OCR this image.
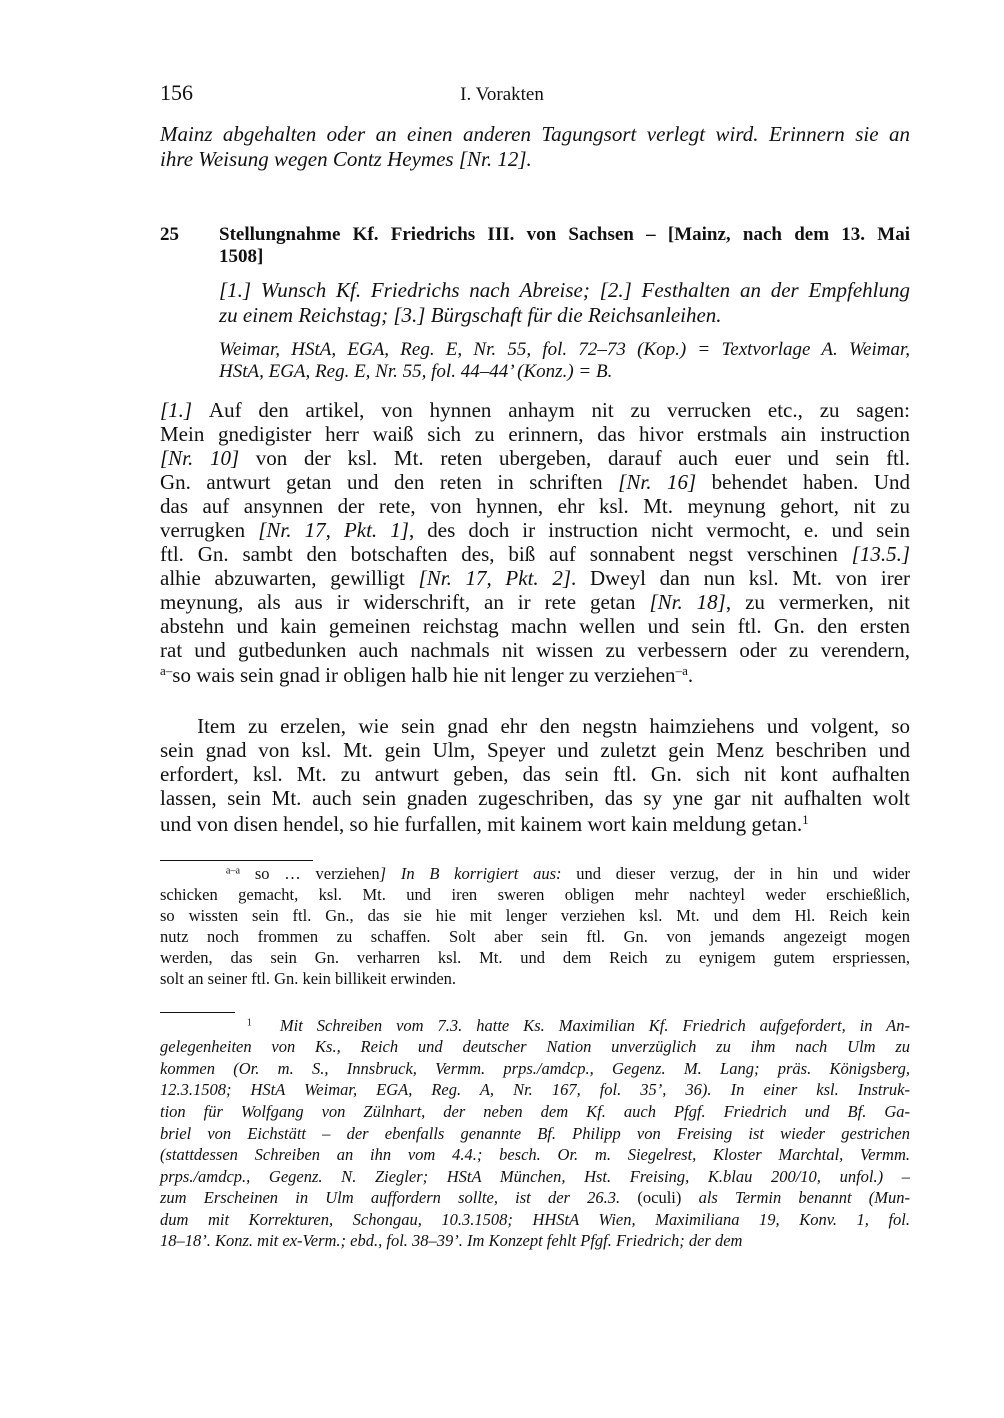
156	I. Vorakten
25
Mainz abgehalten oder an einen anderen Tagungsort verlegt wird. Erinnern sie an
ihre Weisung wegen Contz Heymes [Nr. 12].
Stellungnahme Kf. Friedrichs III. von Sachsen – [Mainz, nach dem 13. Mai
1508]
[1.] Wunsch Kf. Friedrichs nach Abreise; [2.] Festhalten an der Empfehlung
zu einem Reichstag; [3.] Bürgschaft für die Reichsanleihen.
Weimar, HStA, EGA, Reg. E, Nr. 55, fol. 72–73 (Kop.) = Textvorlage A. Weimar,
HStA, EGA, Reg. E, Nr. 55, fol. 44–44’ (Konz.) = B.
[1.] Auf den artikel, von hynnen anhaym nit zu verrucken etc., zu sagen:
Mein gnedigister herr waiß sich zu erinnern, das hivor erstmals ain instruction
[Nr. 10] von der ksl. Mt. reten ubergeben, darauf auch euer und sein ftl.
Gn. antwurt getan und den reten in schriften [Nr. 16] behendet haben. Und
das auf ansynnen der rete, von hynnen, ehr ksl. Mt. meynung gehort, nit zu
verrugken [Nr. 17, Pkt. 1], des doch ir instruction nicht vermocht, e. und sein
ftl. Gn. sambt den botschaften des, biß auf sonnabent negst verschinen [13.5.]
alhie abzuwarten, gewilligt [Nr. 17, Pkt. 2]. Dweyl dan nun ksl. Mt. von irer
meynung, als aus ir widerschrift, an ir rete getan [Nr. 18], zu vermerken, nit
abstehn und kain gemeinen reichstag machn wellen und sein ftl. Gn. den ersten
rat und gutbedunken auch nachmals nit wissen zu verbessern oder zu verendern,
$^{a-}$so wais sein gnad ir obligen halb hie nit lenger zu verziehen$^{-a}$.
Item zu erzelen, wie sein gnad ehr den negstn haimziehens und volgent, so
sein gnad von ksl. Mt. gein Ulm, Speyer und zuletzt gein Menz beschriben und
erfordert, ksl. Mt. zu antwurt geben, das sein ftl. Gn. sich nit kont aufhalten
lassen, sein Mt. auch sein gnaden zugeschriben, das sy yne gar nit aufhalten wolt
und von disen hendel, so hie furfallen, mit kainem wort kain meldung getan.$^1$
$^{a-a}$ so … verziehen] In B korrigiert aus: und dieser verzug, der in hin und wider
schicken gemacht, ksl. Mt. und iren sweren obligen mehr nachteyl weder erschießlich,
so wissten sein ftl. Gn., das sie hie mit lenger verziehen ksl. Mt. und dem Hl. Reich kein
nutz noch frommen zu schaffen. Solt aber sein ftl. Gn. von jemands angezeigt mogen
werden, das sein Gn. verharren ksl. Mt. und dem Reich zu eynigem gutem erspriessen,
solt an seiner ftl. Gn. kein billikeit erwinden.
$^1$  Mit Schreiben vom 7.3. hatte Ks. Maximilian Kf. Friedrich aufgefordert, in An-
gelegenheiten von Ks., Reich und deutscher Nation unverzüglich zu ihm nach Ulm zu
kommen (Or. m. S., Innsbruck, Vermm. prps./amdcp., Gegenz. M. Lang; präs. Königsberg,
12.3.1508; HStA Weimar, EGA, Reg. A, Nr. 167, fol. 35’, 36). In einer ksl. Instruk-
tion für Wolfgang von Zülnhart, der neben dem Kf. auch Pfgf. Friedrich und Bf. Ga-
briel von Eichstätt – der ebenfalls genannte Bf. Philipp von Freising ist wieder gestrichen
(stattdessen Schreiben an ihn vom 4.4.; besch. Or. m. Siegelrest, Kloster Marchtal, Vermm.
prps./amdcp., Gegenz. N. Ziegler; HStA München, Hst. Freising, K.blau 200/10, unfol.) –
zum Erscheinen in Ulm auffordern sollte, ist der 26.3. (oculi) als Termin benannt (Mun-
dum mit Korrekturen, Schongau, 10.3.1508; HHStA Wien, Maximiliana 19, Konv. 1, fol.
18–18’. Konz. mit ex-Verm.; ebd., fol. 38–39’. Im Konzept fehlt Pfgf. Friedrich; der dem
